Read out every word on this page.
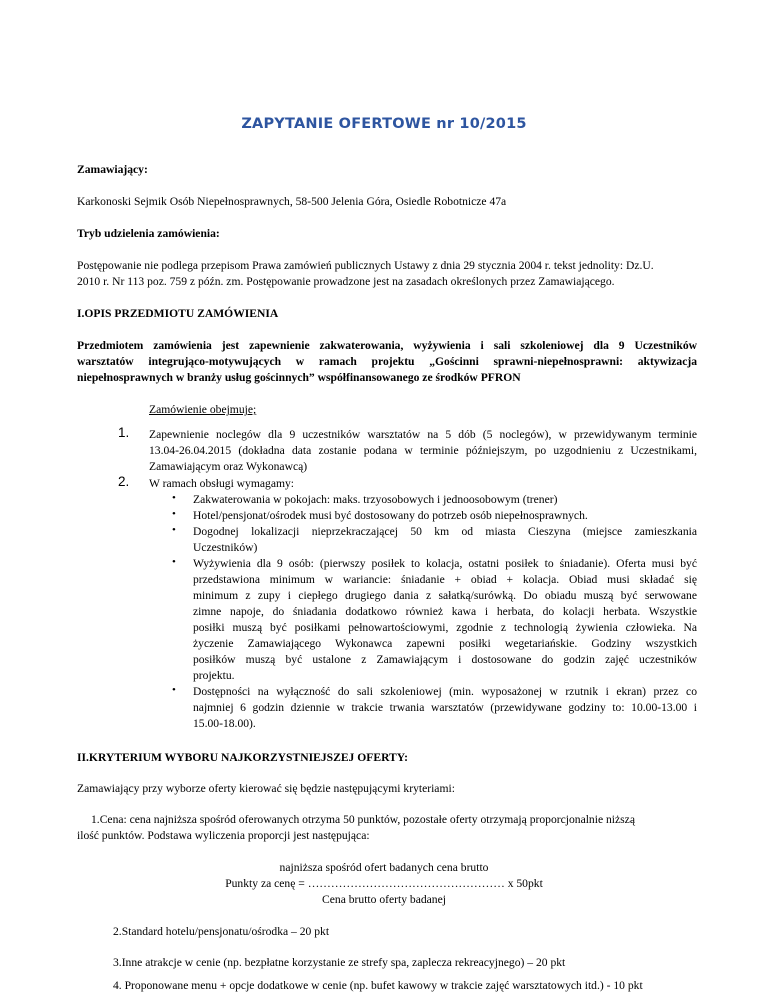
ZAPYTANIE OFERTOWE nr 10/2015
Zamawiający:
Karkonoski Sejmik Osób Niepełnosprawnych, 58-500 Jelenia Góra, Osiedle Robotnicze 47a
Tryb udzielenia zamówienia:
Postępowanie nie podlega przepisom Prawa zamówień publicznych Ustawy z dnia 29 stycznia 2004 r. tekst jednolity: Dz.U.
2010 r. Nr 113 poz. 759 z późn. zm. Postępowanie prowadzone jest na zasadach określonych przez Zamawiającego.
I.OPIS PRZEDMIOTU ZAMÓWIENIA
Przedmiotem zamówienia jest zapewnienie zakwaterowania, wyżywienia i sali szkoleniowej dla 9 Uczestników
warsztatów integrująco-motywujących w ramach projektu „Gościnni sprawni-niepełnosprawni: aktywizacja
niepełnosprawnych w branży usług gościnnych” współfinansowanego ze środków PFRON
Zamówienie obejmuje;
1. Zapewnienie noclegów dla 9 uczestników warsztatów na 5 dób (5 noclegów), w przewidywanym terminie
13.04-26.04.2015 (dokładna data zostanie podana w terminie późniejszym, po uzgodnieniu z Uczestnikami,
Zamawiającym oraz Wykonawcą)
2. W ramach obsługi wymagamy:
• Zakwaterowania w pokojach: maks. trzyosobowych i jednoosobowym (trener)
• Hotel/pensjonat/ośrodek musi być dostosowany do potrzeb osób niepełnosprawnych.
• Dogodnej lokalizacji nieprzekraczającej 50 km od miasta Cieszyna (miejsce zamieszkania
Uczestników)
• Wyżywienia dla 9 osób: (pierwszy posiłek to kolacja, ostatni posiłek to śniadanie). Oferta musi być
przedstawiona minimum w wariancie: śniadanie + obiad + kolacja. Obiad musi składać się
minimum z zupy i ciepłego drugiego dania z sałatką/surówką. Do obiadu muszą być serwowane
zimne napoje, do śniadania dodatkowo również kawa i herbata, do kolacji herbata. Wszystkie
posiłki muszą być posiłkami pełnowartościowymi, zgodnie z technologią żywienia człowieka. Na
życzenie Zamawiającego Wykonawca zapewni posiłki wegetariańskie. Godziny wszystkich
posiłków muszą być ustalone z Zamawiającym i dostosowane do godzin zajęć uczestników
projektu.
• Dostępności na wyłączność do sali szkoleniowej (min. wyposażonej w rzutnik i ekran) przez co
najmniej 6 godzin dziennie w trakcie trwania warsztatów (przewidywane godziny to: 10.00-13.00 i
15.00-18.00).
II.KRYTERIUM WYBORU NAJKORZYSTNIEJSZEJ OFERTY:
Zamawiający przy wyborze oferty kierować się będzie następującymi kryteriami:
1.Cena: cena najniższa spośród oferowanych otrzyma 50 punktów, pozostałe oferty otrzymają proporcjonalnie niższą
ilość punktów. Podstawa wyliczenia proporcji jest następująca:
najniższa spośród ofert badanych cena brutto
Punkty za cenę = …………………………………………… x 50pkt
Cena brutto oferty badanej
2.Standard hotelu/pensjonatu/ośrodka – 20 pkt
3.Inne atrakcje w cenie (np. bezpłatne korzystanie ze strefy spa, zaplecza rekreacyjnego) – 20 pkt
4. Proponowane menu + opcje dodatkowe w cenie (np. bufet kawowy w trakcie zajęć warsztatowych itd.) - 10 pkt
